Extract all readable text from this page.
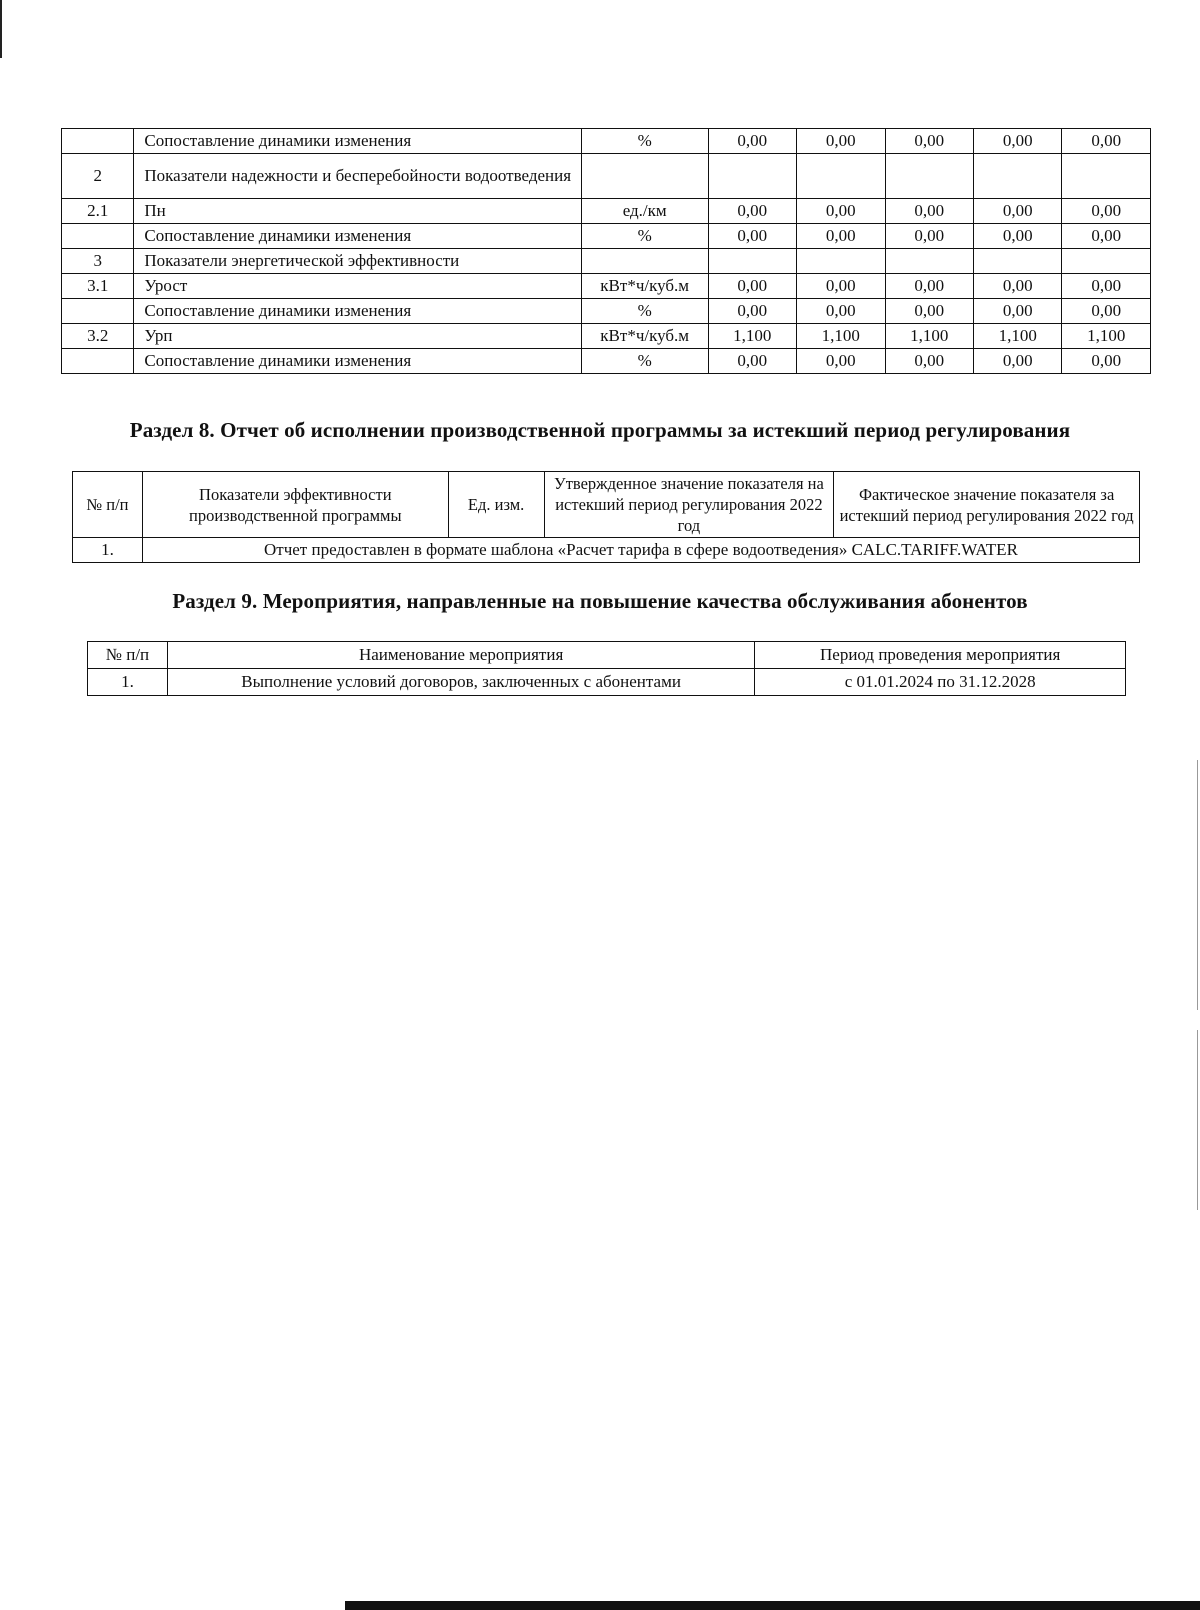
	Сопоставление динамики изменения	%	0,00	0,00	0,00	0,00	0,00
2	Показатели надежности и бесперебойности водоотведения						
2.1	Пн	ед./км	0,00	0,00	0,00	0,00	0,00
	Сопоставление динамики изменения	%	0,00	0,00	0,00	0,00	0,00
3	Показатели энергетической эффективности						
3.1	Урост	кВт*ч/куб.м	0,00	0,00	0,00	0,00	0,00
	Сопоставление динамики изменения	%	0,00	0,00	0,00	0,00	0,00
3.2	Урп	кВт*ч/куб.м	1,100	1,100	1,100	1,100	1,100
	Сопоставление динамики изменения	%	0,00	0,00	0,00	0,00	0,00
Раздел 8. Отчет об исполнении производственной программы за истекший период регулирования
№ п/п	Показатели эффективности производственной программы	Ед. изм.	Утвержденное значение показателя на истекший период регулирования 2022 год	Фактическое значение показателя за истекший период регулирования 2022 год
1.	Отчет предоставлен в формате шаблона «Расчет тарифа в сфере водоотведения» CALC.TARIFF.WATER			
Раздел 9. Мероприятия, направленные на повышение качества обслуживания абонентов
№ п/п	Наименование мероприятия	Период проведения мероприятия
1.	Выполнение условий договоров, заключенных с абонентами	с 01.01.2024 по 31.12.2028
